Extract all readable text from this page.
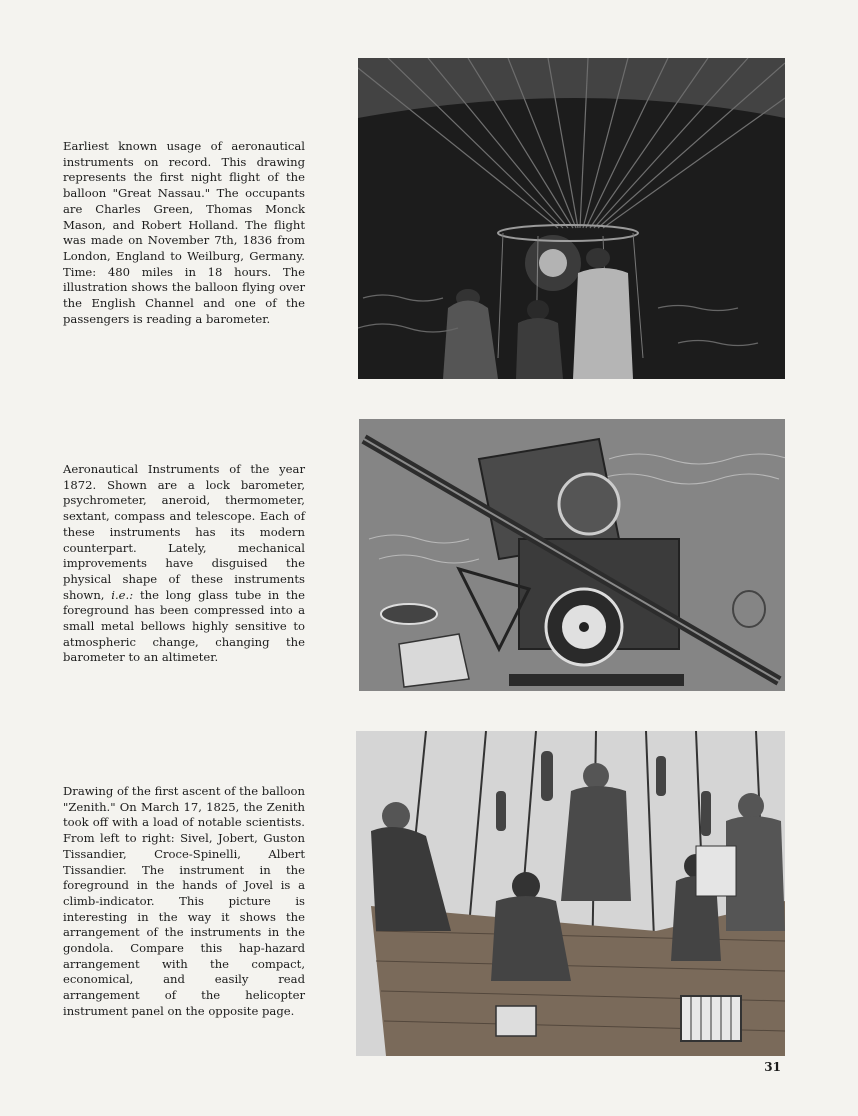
Earliest known usage of aeronautical instruments on record. This drawing represents the first night flight of the balloon "Great Nassau." The occupants are Charles Green, Thomas Monck Mason, and Robert Holland. The flight was made on November 7th, 1836 from London, England to Weilburg, Germany. Time: 480 miles in 18 hours. The illustration shows the balloon flying over the English Channel and one of the passengers is reading a barometer.

Aeronautical Instruments of the year 1872. Shown are a lock barometer, psychrometer, aneroid, thermometer, sextant, compass and telescope. Each of these instruments has its modern counterpart. Lately, mechanical improvements have disguised the physical shape of these instruments shown, i.e.: the long glass tube in the foreground has been compressed into a small metal bellows highly sensitive to atmospheric change, changing the barometer to an altimeter.

Drawing of the first ascent of the balloon "Zenith." On March 17, 1825, the Zenith took off with a load of notable scientists. From left to right: Sivel, Jobert, Guston Tissandier, Croce-Spinelli, Albert Tissandier. The instrument in the foreground in the hands of Jovel is a climb-indicator. This picture is interesting in the way it shows the arrangement of the instruments in the gondola. Compare this hap-hazard arrangement with the compact, economical, and easily read arrangement of the helicopter instrument panel on the opposite page.

31
